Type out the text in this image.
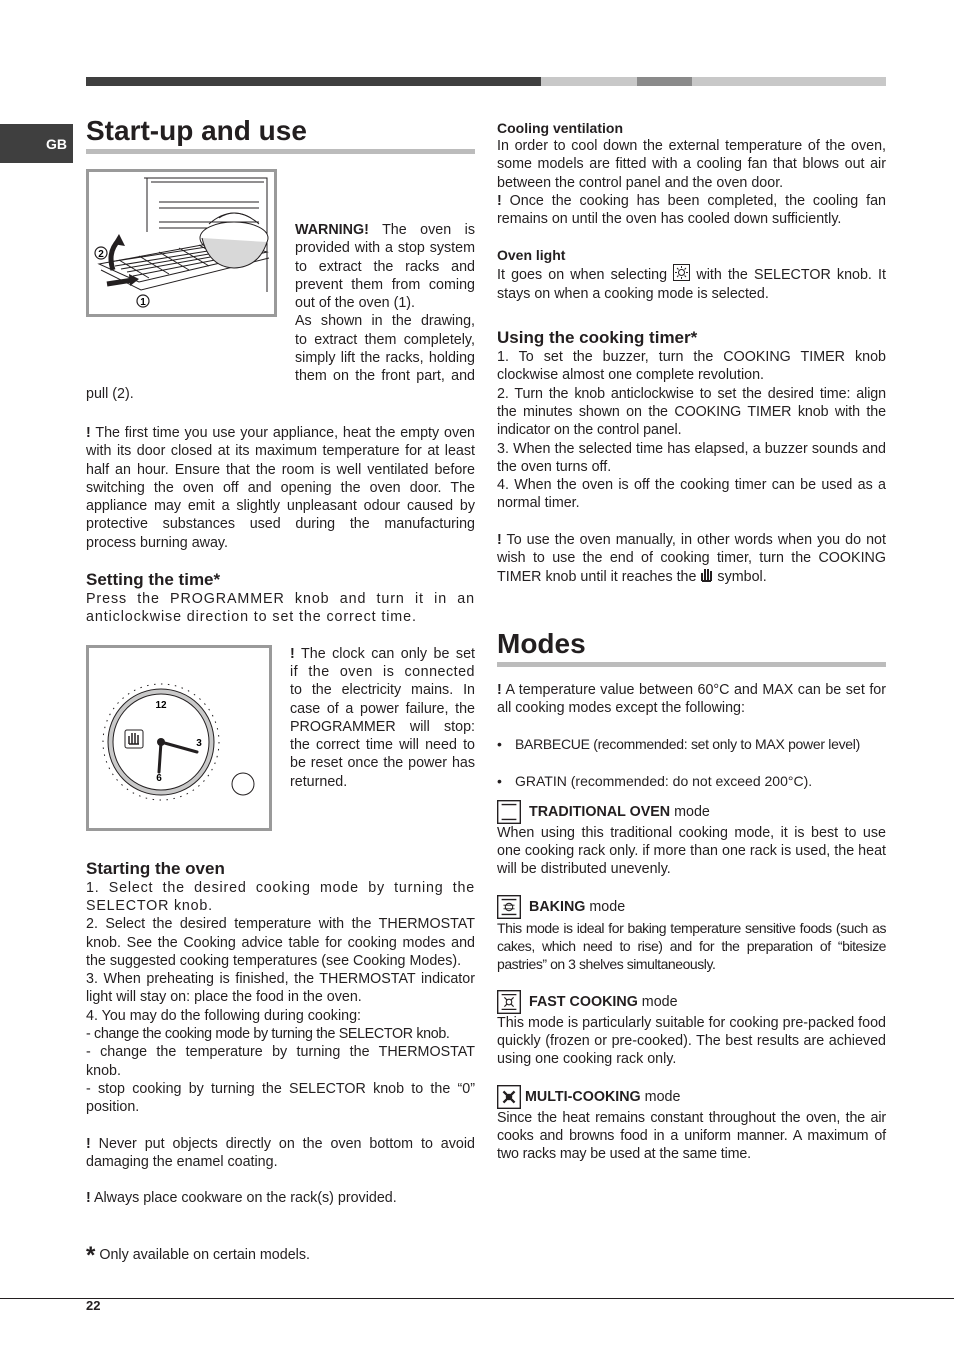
GB Start-up and use
2
1
WARNING! The oven is
provided with a stop system
to extract the racks and
prevent them from coming
out of the oven (1).
As shown in the drawing,
to extract them completely,
simply lift the racks, holding
them on the front part, and
pull (2).

! The first time you use your appliance, heat the empty oven with its door closed at its maximum temperature for at least half an hour. Ensure that the room is well ventilated before switching the oven off and opening the oven door. The appliance may emit a slightly unpleasant odour caused by protective substances used during the manufacturing process burning away.

Setting the time*

Press the PROGRAMMER knob and turn it in an anticlockwise direction to set the correct time.

12
3
6
! The clock can only be set
if the oven is connected
to the electricity mains. In
case of a power failure, the
PROGRAMMER will stop:
the correct time will need to
be reset once the power has
returned.
Starting the oven

1. Select the desired cooking mode by turning the SELECTOR knob.

2. Select the desired temperature with the THERMOSTAT knob. See the Cooking advice table for cooking modes and the suggested cooking temperatures (see Cooking Modes).

3. When preheating is finished, the THERMOSTAT indicator light will stay on: place the food in the oven.

4. You may do the following during cooking:

- change the cooking mode by turning the SELECTOR knob.

- change the temperature by turning the THERMOSTAT knob.

- stop cooking by turning the SELECTOR knob to the “0” position.

! Never put objects directly on the oven bottom to avoid damaging the enamel coating.

! Always place cookware on the rack(s) provided.

Cooling ventilation

In order to cool down the external temperature of the oven, some models are fitted with a cooling fan that blows out air between the control panel and the oven door.

! Once the cooking has been completed, the cooling fan remains on until the oven has cooled down sufficiently.

Oven light

It goes on when selecting with the SELECTOR knob. It stays on when a cooking mode is selected.

Using the cooking timer*

1. To set the buzzer, turn the COOKING TIMER knob clockwise almost one complete revolution.

2. Turn the knob anticlockwise to set the desired time: align the minutes shown on the COOKING TIMER knob with the indicator on the control panel.

3. When the selected time has elapsed, a buzzer sounds and the oven turns off.

4. When the oven is off the cooking timer can be used as a normal timer.

! To use the oven manually, in other words when you do not wish to use the end of cooking timer, turn the COOKING TIMER knob until it reaches the symbol.

Modes

! A temperature value between 60°C and MAX can be set for all cooking modes except the following:

• BARBECUE (recommended: set only to MAX power level)
• GRATIN (recommended: do not exceed 200°C).
TRADITIONAL OVEN mode

When using this traditional cooking mode, it is best to use one cooking rack only. if more than one rack is used, the heat will be distributed unevenly.

BAKING mode

This mode is ideal for baking temperature sensitive foods (such as cakes, which need to rise) and for the preparation of “bitesize pastries” on 3 shelves simultaneously.

FAST COOKING mode

This mode is particularly suitable for cooking pre-packed food quickly (frozen or pre-cooked). The best results are achieved using one cooking rack only.

MULTI-COOKING mode

Since the heat remains constant throughout the oven, the air cooks and browns food in a uniform manner. A maximum of two racks may be used at the same time.

* Only available on certain models.
22
